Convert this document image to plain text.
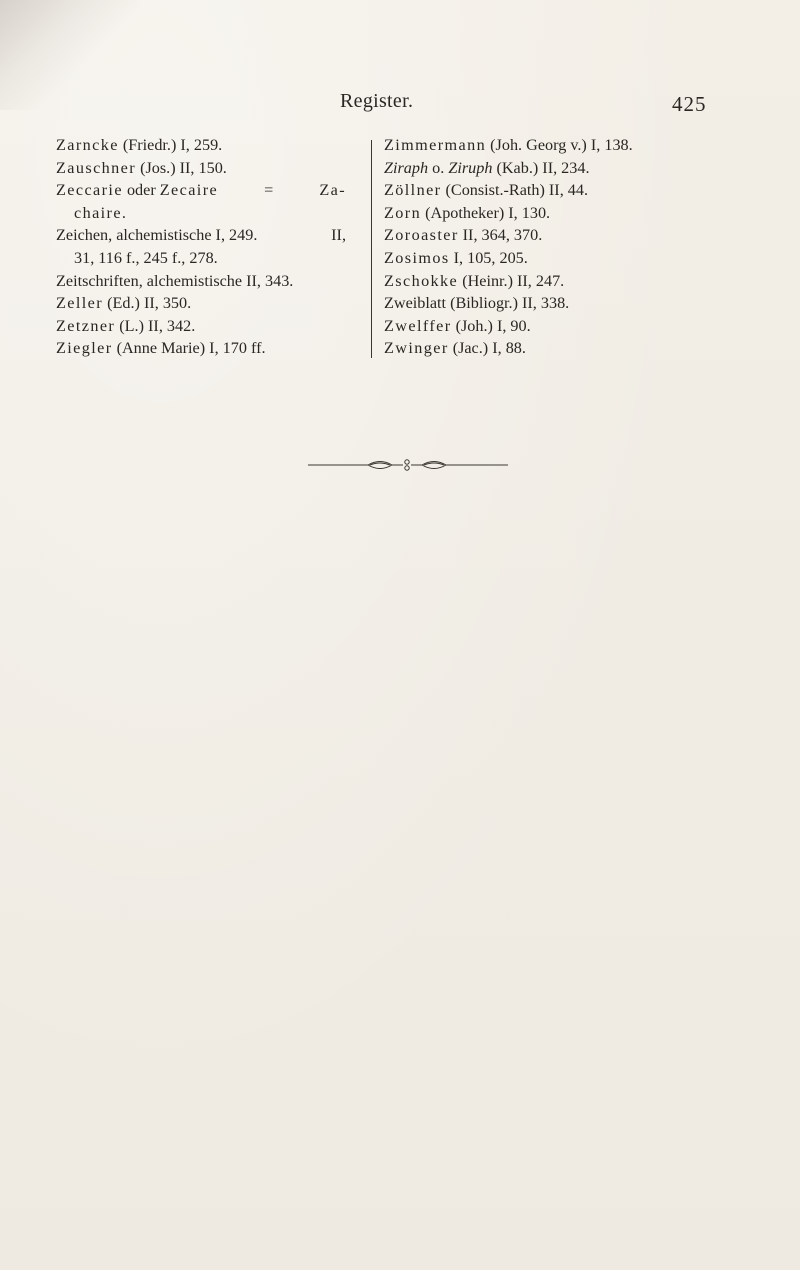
Register.	425
Zarncke (Friedr.) I, 259.
Zauschner (Jos.) II, 150.
Zeccarie oder Zecaire	=	Za-
chaire.
Zeichen, alchemistische I, 249.	II,
31, 116 f., 245 f., 278.
Zeitschriften, alchemistische II, 343.
Zeller (Ed.) II, 350.
Zetzner (L.) II, 342.
Ziegler (Anne Marie) I, 170 ff.
Zimmermann (Joh. Georg v.) I, 138.
Ziraph o. Ziruph (Kab.) II, 234.
Zöllner (Consist.-Rath) II, 44.
Zorn (Apotheker) I, 130.
Zoroaster II, 364, 370.
Zosimos I, 105, 205.
Zschokke (Heinr.) II, 247.
Zweiblatt (Bibliogr.) II, 338.
Zwelffer (Joh.) I, 90.
Zwinger (Jac.) I, 88.
